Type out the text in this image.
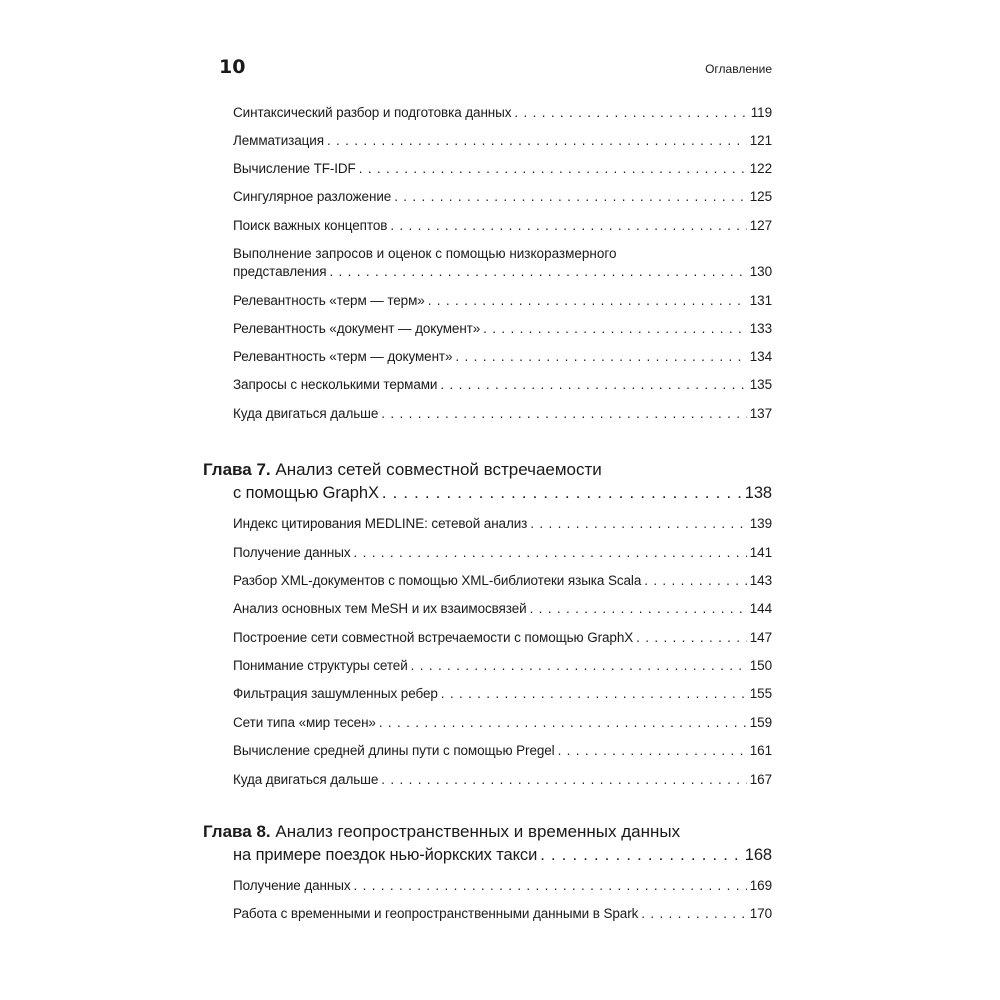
10	Оглавление
Синтаксический разбор и подготовка данных . . .	119
Лемматизация . . .	121
Вычисление TF-IDF . . .	122
Сингулярное разложение . . .	125
Поиск важных концептов . . .	127
Выполнение запросов и оценок с помощью низкоразмерного
представления . . .	130
Релевантность «терм — терм» . . .	131
Релевантность «документ — документ» . . .	133
Релевантность «терм — документ» . . .	134
Запросы с несколькими термами . . .	135
Куда двигаться дальше . . .	137
Глава 7. Анализ сетей совместной встречаемости
с помощью GraphX . . .	138
Индекс цитирования MEDLINE: сетевой анализ . . .	139
Получение данных . . .	141
Разбор XML-документов с помощью XML-библиотеки языка Scala . . .	143
Анализ основных тем MeSH и их взаимосвязей . . .	144
Построение сети совместной встречаемости с помощью GraphX . . .	147
Понимание структуры сетей . . .	150
Фильтрация зашумленных ребер . . .	155
Сети типа «мир тесен» . . .	159
Вычисление средней длины пути с помощью Pregel . . .	161
Куда двигаться дальше . . .	167
Глава 8. Анализ геопространственных и временных данных
на примере поездок нью-йоркских такси . . .	168
Получение данных . . .	169
Работа с временными и геопространственными данными в Spark . . .	170
